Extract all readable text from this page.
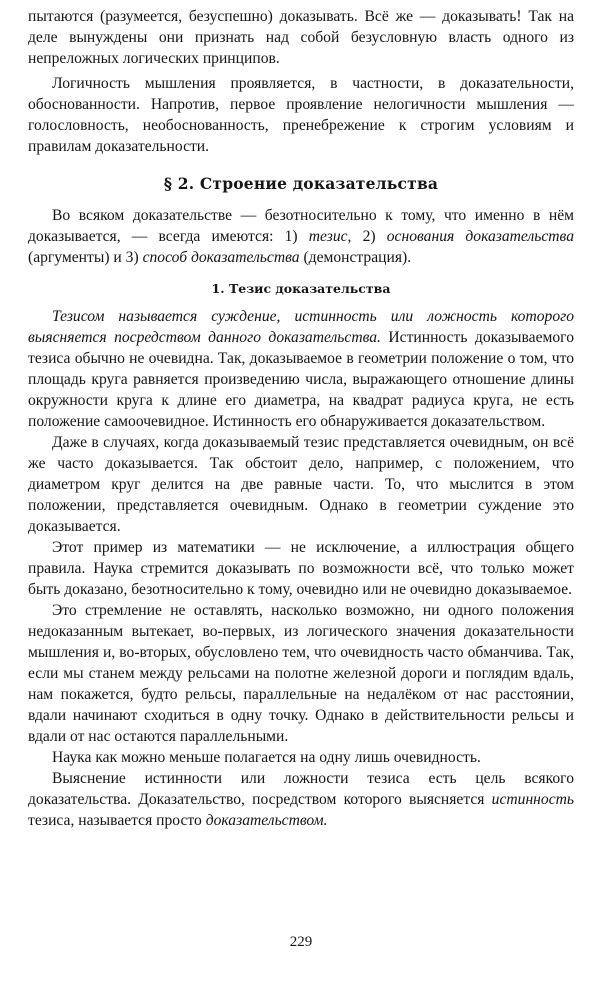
пытаются (разумеется, безуспешно) доказывать. Всё же — доказывать! Так на деле вынуждены они признать над собой безусловную власть одного из непреложных логических принципов.

Логичность мышления проявляется, в частности, в доказательности, обоснованности. Напротив, первое проявление нелогичности мышления — голословность, необоснованность, пренебрежение к строгим условиям и правилам доказательности.

§ 2. Строение доказательства

Во всяком доказательстве — безотносительно к тому, что именно в нём доказывается, — всегда имеются: 1) тезис, 2) основания доказательства (аргументы) и 3) способ доказательства (демонстрация).

1. Тезис доказательства

Тезисом называется суждение, истинность или ложность которого выясняется посредством данного доказательства. Истинность доказываемого тезиса обычно не очевидна. Так, доказываемое в геометрии положение о том, что площадь круга равняется произведению числа, выражающего отношение длины окружности круга к длине его диаметра, на квадрат радиуса круга, не есть положение самоочевидное. Истинность его обнаруживается доказательством.

Даже в случаях, когда доказываемый тезис представляется очевидным, он всё же часто доказывается. Так обстоит дело, например, с положением, что диаметром круг делится на две равные части. То, что мыслится в этом положении, представляется очевидным. Однако в геометрии суждение это доказывается.

Этот пример из математики — не исключение, а иллюстрация общего правила. Наука стремится доказывать по возможности всё, что только может быть доказано, безотносительно к тому, очевидно или не очевидно доказываемое.

Это стремление не оставлять, насколько возможно, ни одного положения недоказанным вытекает, во-первых, из логического значения доказательности мышления и, во-вторых, обусловлено тем, что очевидность часто обманчива. Так, если мы станем между рельсами на полотне железной дороги и поглядим вдаль, нам покажется, будто рельсы, параллельные на недалёком от нас расстоянии, вдали начинают сходиться в одну точку. Однако в действительности рельсы и вдали от нас остаются параллельными.

Наука как можно меньше полагается на одну лишь очевидность.

Выяснение истинности или ложности тезиса есть цель всякого доказательства. Доказательство, посредством которого выясняется истинность тезиса, называется просто доказательством.

229
